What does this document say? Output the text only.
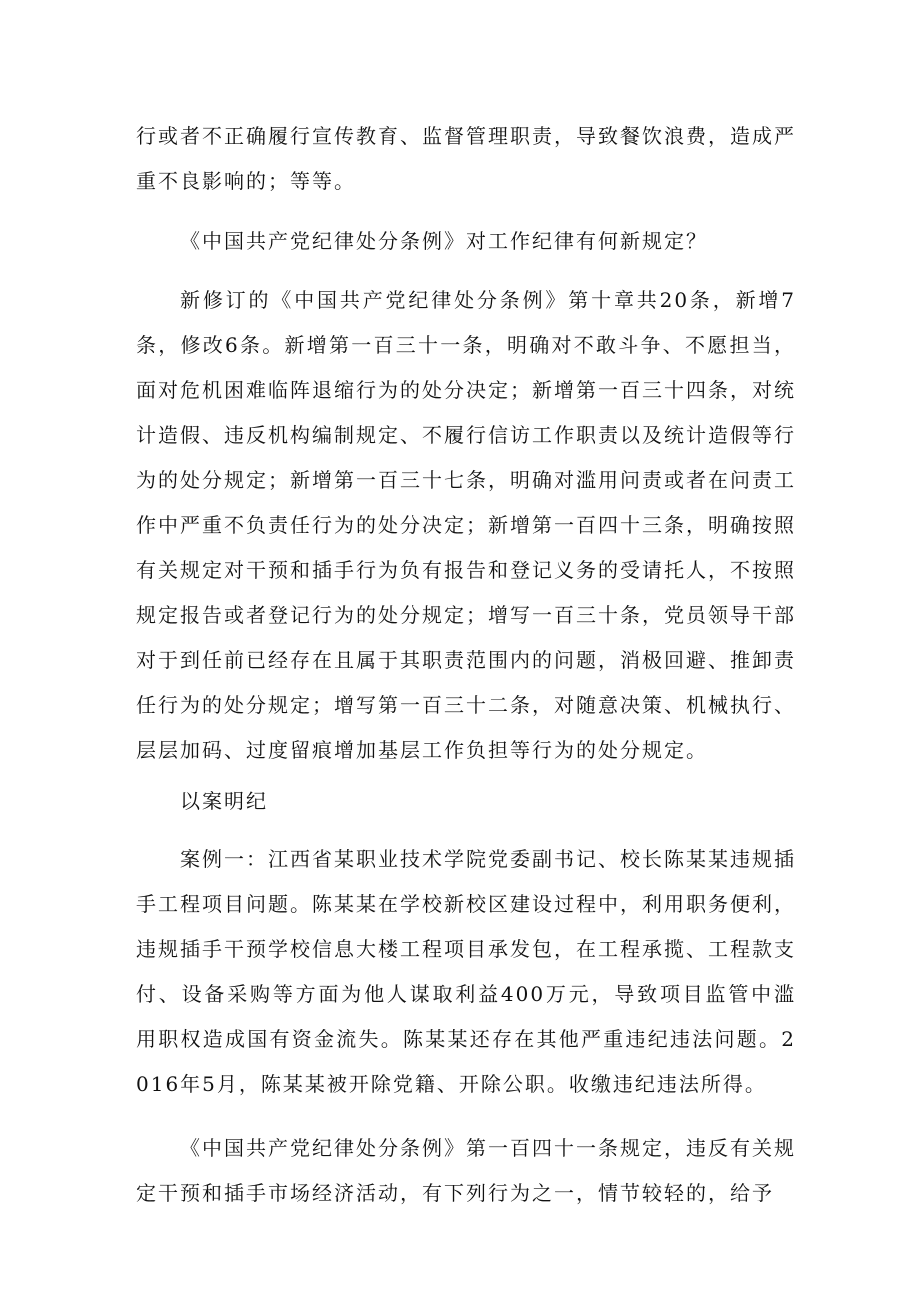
行或者不正确履行宣传教育、监督管理职责，导致餐饮浪费，造成严重不良影响的；等等。

《中国共产党纪律处分条例》对工作纪律有何新规定？

新修订的《中国共产党纪律处分条例》第十章共20条，新增7条，修改6条。新增第一百三十一条，明确对不敢斗争、不愿担当，面对危机困难临阵退缩行为的处分决定；新增第一百三十四条，对统计造假、违反机构编制规定、不履行信访工作职责以及统计造假等行为的处分规定；新增第一百三十七条，明确对滥用问责或者在问责工作中严重不负责任行为的处分决定；新增第一百四十三条，明确按照有关规定对干预和插手行为负有报告和登记义务的受请托人，不按照规定报告或者登记行为的处分规定；增写一百三十条，党员领导干部对于到任前已经存在且属于其职责范围内的问题，消极回避、推卸责任行为的处分规定；增写第一百三十二条，对随意决策、机械执行、层层加码、过度留痕增加基层工作负担等行为的处分规定。

以案明纪

案例一：江西省某职业技术学院党委副书记、校长陈某某违规插手工程项目问题。陈某某在学校新校区建设过程中，利用职务便利，违规插手干预学校信息大楼工程项目承发包，在工程承揽、工程款支付、设备采购等方面为他人谋取利益400万元，导致项目监管中滥用职权造成国有资金流失。陈某某还存在其他严重违纪违法问题。2016年5月，陈某某被开除党籍、开除公职。收缴违纪违法所得。

《中国共产党纪律处分条例》第一百四十一条规定，违反有关规定干预和插手市场经济活动，有下列行为之一，情节较轻的，给予
